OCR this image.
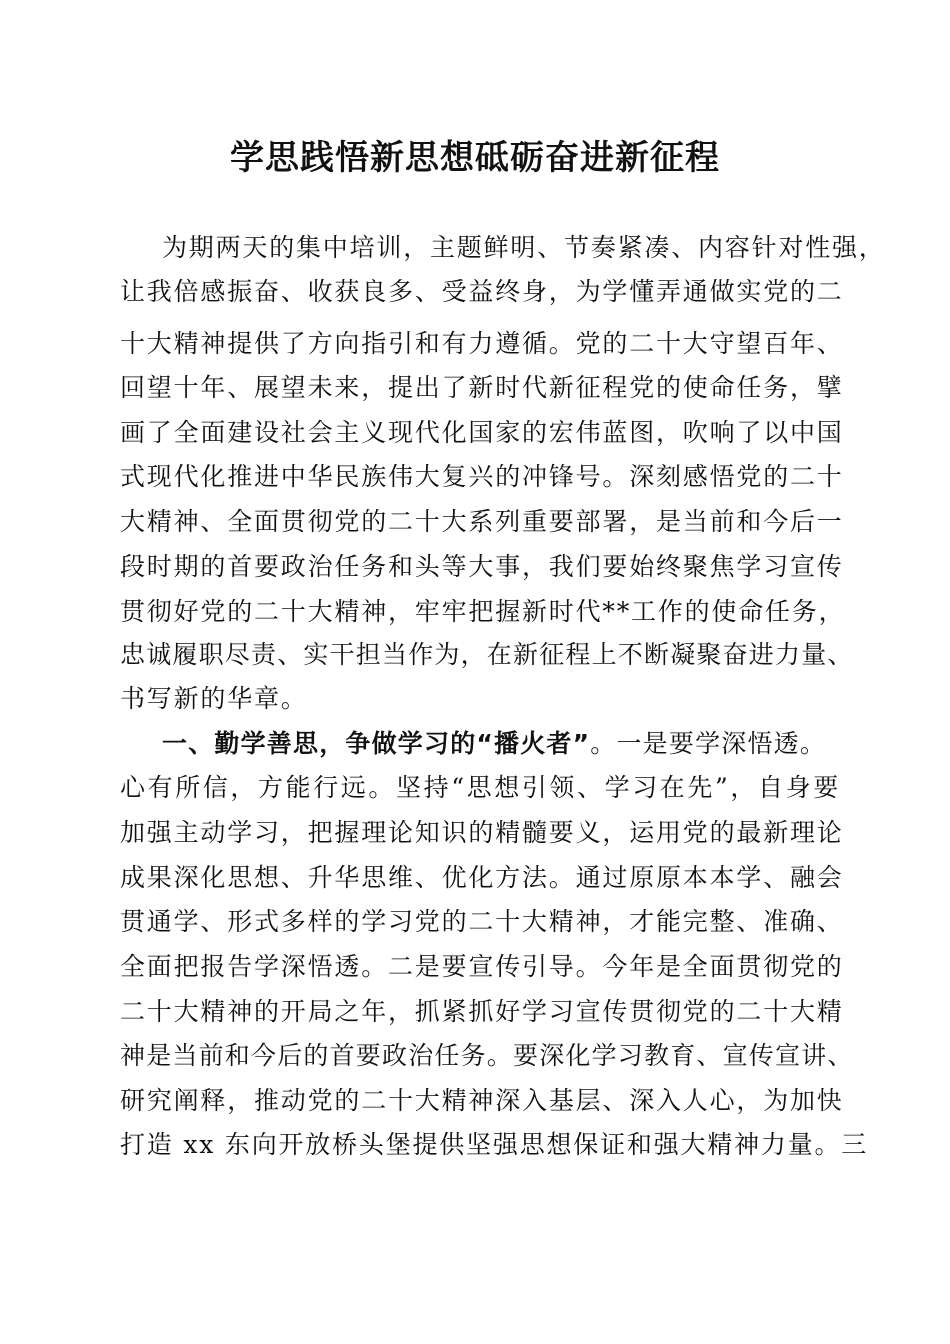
学思践悟新思想砥砺奋进新征程
为期两天的集中培训，主题鲜明、节奏紧凑、内容针对性强，
让我倍感振奋、收获良多、受益终身，为学懂弄通做实党的二
十大精神提供了方向指引和有力遵循。党的二十大守望百年、
回望十年、展望未来，提出了新时代新征程党的使命任务，擘
画了全面建设社会主义现代化国家的宏伟蓝图，吹响了以中国
式现代化推进中华民族伟大复兴的冲锋号。深刻感悟党的二十
大精神、全面贯彻党的二十大系列重要部署，是当前和今后一
段时期的首要政治任务和头等大事，我们要始终聚焦学习宣传
贯彻好党的二十大精神，牢牢把握新时代**工作的使命任务，
忠诚履职尽责、实干担当作为，在新征程上不断凝聚奋进力量、
书写新的华章。
一、勤学善思，争做学习的“播火者”。一是要学深悟透。
心有所信，方能行远。坚持“思想引领、学习在先”，自身要
加强主动学习，把握理论知识的精髓要义，运用党的最新理论
成果深化思想、升华思维、优化方法。通过原原本本学、融会
贯通学、形式多样的学习党的二十大精神，才能完整、准确、
全面把报告学深悟透。二是要宣传引导。今年是全面贯彻党的
二十大精神的开局之年，抓紧抓好学习宣传贯彻党的二十大精
神是当前和今后的首要政治任务。要深化学习教育、宣传宣讲、
研究阐释，推动党的二十大精神深入基层、深入人心，为加快
打造 xx 东向开放桥头堡提供坚强思想保证和强大精神力量。三
